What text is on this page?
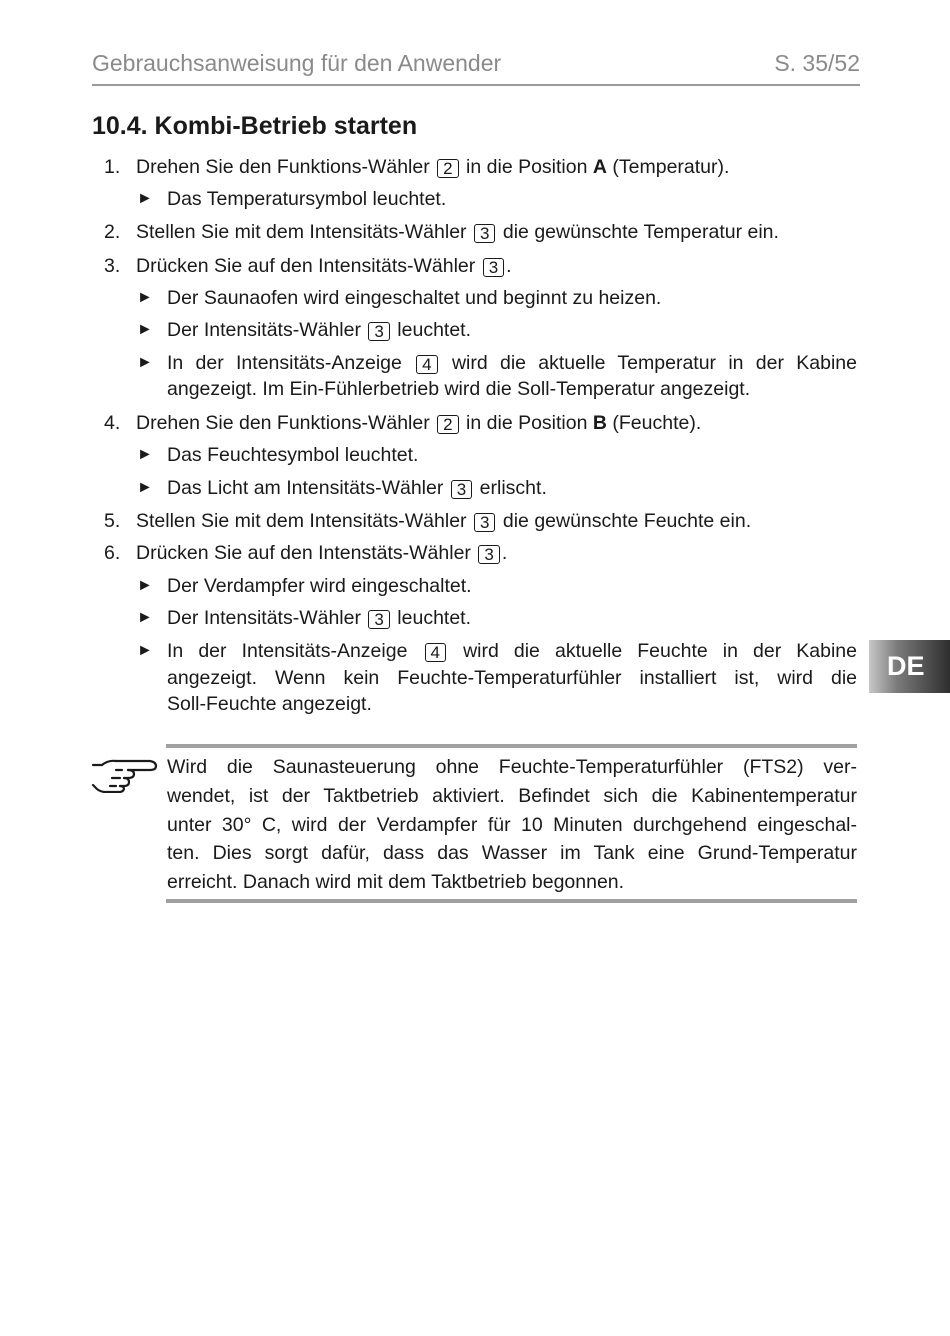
Gebrauchsanweisung für den Anwender	S. 35/52
10.4. Kombi-Betrieb starten
1. Drehen Sie den Funktions-Wähler 2 in die Position A (Temperatur).
► Das Temperatursymbol leuchtet.
2. Stellen Sie mit dem Intensitäts-Wähler 3 die gewünschte Temperatur ein.
3. Drücken Sie auf den Intensitäts-Wähler 3 .
► Der Saunaofen wird eingeschaltet und beginnt zu heizen.
► Der Intensitäts-Wähler 3 leuchtet.
► In der Intensitäts-Anzeige 4 wird die aktuelle Temperatur in der Kabine
angezeigt. Im Ein-Fühlerbetrieb wird die Soll-Temperatur angezeigt.
4. Drehen Sie den Funktions-Wähler 2 in die Position B (Feuchte).
► Das Feuchtesymbol leuchtet.
► Das Licht am Intensitäts-Wähler 3 erlischt.
5. Stellen Sie mit dem Intensitäts-Wähler 3 die gewünschte Feuchte ein.
6. Drücken Sie auf den Intenstäts-Wähler 3 .
► Der Verdampfer wird eingeschaltet.
► Der Intensitäts-Wähler 3 leuchtet.
► In der Intensitäts-Anzeige 4 wird die aktuelle Feuchte in der Kabine
angezeigt. Wenn kein Feuchte-Temperaturfühler installiert ist, wird die
Soll-Feuchte angezeigt.
DE
Wird die Saunasteuerung ohne Feuchte-Temperaturfühler (FTS2) ver-
wendet, ist der Taktbetrieb aktiviert. Befindet sich die Kabinentemperatur
unter 30° C, wird der Verdampfer für 10 Minuten durchgehend eingeschal-
ten. Dies sorgt dafür, dass das Wasser im Tank eine Grund-Temperatur
erreicht. Danach wird mit dem Taktbetrieb begonnen.
